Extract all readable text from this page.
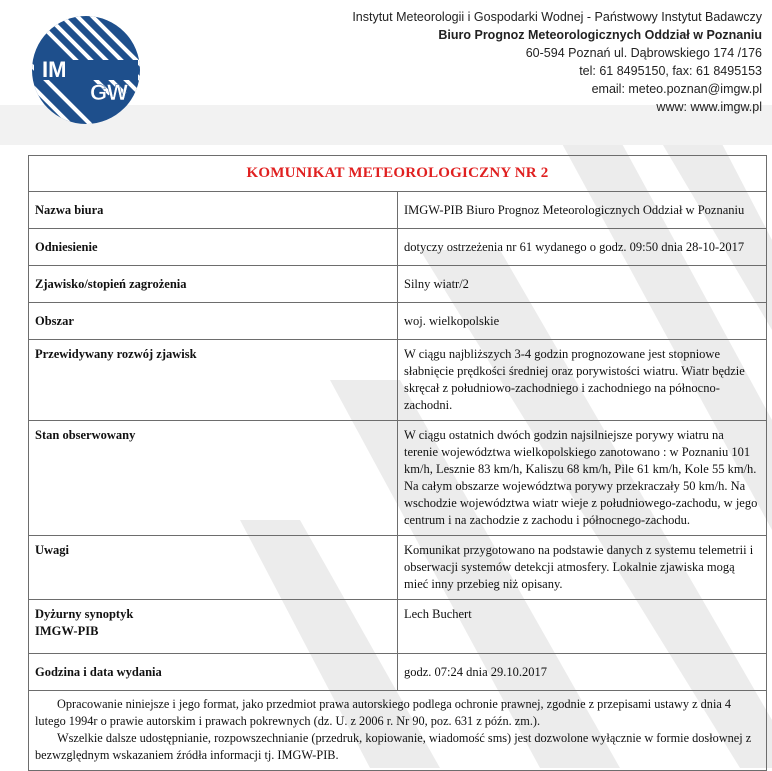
IM
GW
Instytut Meteorologii i Gospodarki Wodnej - Państwowy Instytut Badawczy
Biuro Prognoz Meteorologicznych Oddział w Poznaniu
60-594 Poznań ul. Dąbrowskiego 174 /176
tel: 61 8495150, fax: 61 8495153
email: meteo.poznan@imgw.pl
www: www.imgw.pl
KOMUNIKAT METEOROLOGICZNY NR 2	
Nazwa biura	IMGW-PIB Biuro Prognoz Meteorologicznych Oddział w Poznaniu
Odniesienie	dotyczy ostrzeżenia nr 61 wydanego o godz. 09:50 dnia 28-10-2017
Zjawisko/stopień zagrożenia	Silny wiatr/2
Obszar	woj. wielkopolskie
Przewidywany rozwój zjawisk	W ciągu najbliższych 3-4 godzin prognozowane jest stopniowe słabnięcie prędkości średniej oraz porywistości wiatru. Wiatr będzie skręcał z południowo-zachodniego i zachodniego na północno-zachodni.
Stan obserwowany	W ciągu ostatnich dwóch godzin najsilniejsze porywy wiatru na terenie województwa wielkopolskiego zanotowano : w Poznaniu 101 km/h, Lesznie 83 km/h, Kaliszu 68 km/h, Pile 61 km/h, Kole 55 km/h. Na całym obszarze województwa porywy przekraczały 50 km/h. Na wschodzie województwa wiatr wieje z południowego-zachodu, w jego centrum i na zachodzie z zachodu i północnego-zachodu.
Uwagi	Komunikat przygotowano na podstawie danych z systemu telemetrii i obserwacji systemów detekcji atmosfery. Lokalnie zjawiska mogą mieć inny przebieg niż opisany.

Dyżurny synoptyk
IMGW-PIB	Lech Buchert
Godzina i data wydania	godz. 07:24 dnia 29.10.2017

Opracowanie niniejsze i jego format, jako przedmiot prawa autorskiego podlega ochronie prawnej, zgodnie z przepisami ustawy z dnia 4 lutego 1994r o prawie autorskim i prawach pokrewnych (dz. U. z 2006 r. Nr 90, poz. 631 z późn. zm.).

Wszelkie dalsze udostępnianie, rozpowszechnianie (przedruk, kopiowanie, wiadomość sms) jest dozwolone wyłącznie w formie dosłownej z bezwzględnym wskazaniem źródła informacji tj. IMGW-PIB.	
